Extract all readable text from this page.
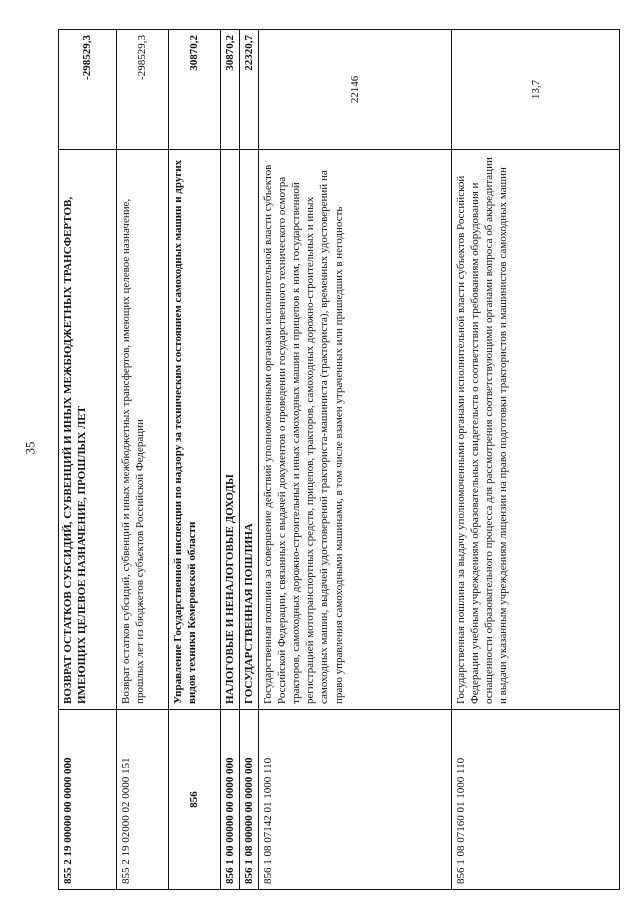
35
855 2 19 00000 00 0000 000	ВОЗВРАТ ОСТАТКОВ СУБСИДИЙ, СУБВЕНЦИЙ И ИНЫХ МЕЖБЮДЖЕТНЫХ ТРАНСФЕРТОВ, ИМЕЮЩИХ ЦЕЛЕВОЕ НАЗНАЧЕНИЕ, ПРОШЛЫХ ЛЕТ	-298529,3
855 2 19 02000 02 0000 151	Возврат остатков субсидий, субвенций и иных межбюджетных трансфертов, имеющих целевое назначение, прошлых лет из бюджетов субъектов Российской Федерации	-298529,3
856	Управление Государственной инспекции по надзору за техническим состоянием самоходных машин и других видов техники Кемеровской области	30870,2
856 1 00 00000 00 0000 000	НАЛОГОВЫЕ И НЕНАЛОГОВЫЕ ДОХОДЫ	30870,2
856 1 08 00000 00 0000 000	ГОСУДАРСТВЕННАЯ ПОШЛИНА	22320,7
856 1 08 07142 01 1000 110	Государственная пошлина за совершение действий уполномоченными органами исполнительной власти субъектов Российской Федерации, связанных с выдачей документов о проведении государственного технического осмотра тракторов, самоходных дорожно-строительных и иных самоходных машин и прицепов к ним, государственной регистрацией мототранспортных средств, прицепов, тракторов, самоходных дорожно-строительных и иных самоходных машин, выдачей удостоверений тракториста-машиниста (тракториста), временных удостоверений на право управления самоходными машинами, в том числе взамен утраченных или пришедших в негодность	22146
856 1 08 07160 01 1000 110	Государственная пошлина за выдачу уполномоченными органами исполнительной власти субъектов Российской Федерации учебным учреждениям образовательных свидетельств о соответствии требованиям оборудования и оснащенности образовательного процесса для рассмотрения соответствующими органами вопроса об аккредитации и выдачи указанным учреждениям лицензии на право подготовки трактористов и машинистов самоходных машин	13,7
